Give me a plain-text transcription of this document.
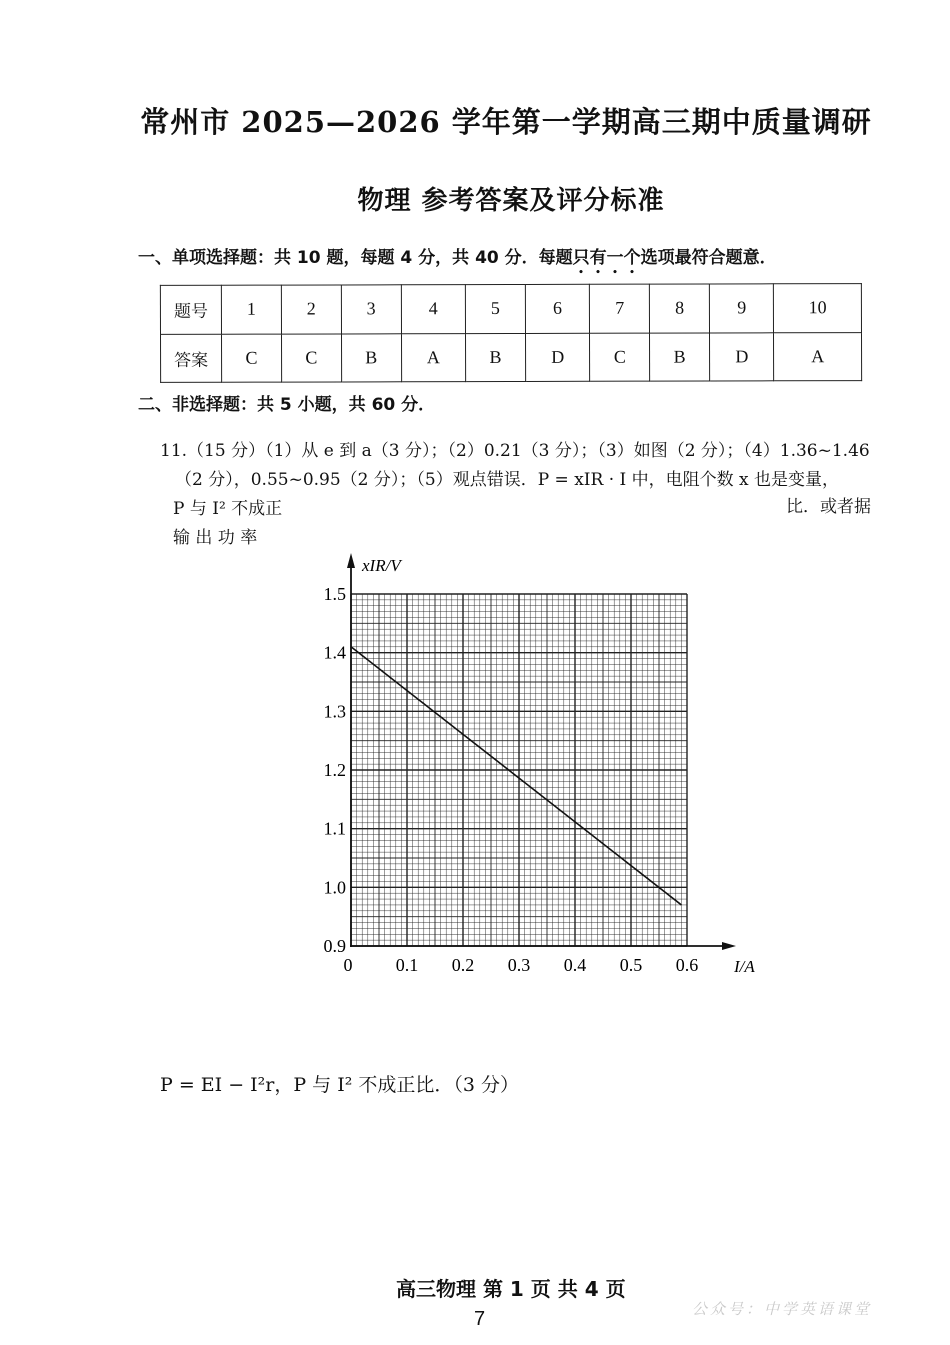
常州市 2025—2026 学年第一学期高三期中质量调研
物理 参考答案及评分标准
一、单项选择题：共 10 题，每题 4 分，共 40 分．每题只有一个选项最符合题意．
题号	1	2	3	4	5	6	7	8	9	10
答案	C	C	B	A	B	D	C	B	D	A
二、非选择题：共 5 小题，共 60 分．
11.（15 分）（1）从 e 到 a（3 分）；（2）0.21（3 分）；（3）如图（2 分）；（4）1.36~1.46
（2 分），0.55~0.95（2 分）；（5）观点错误．P = xIR · I 中，电阻个数 x 也是变量，
P 与 I² 不成正	比．或者据
输 出 功 率
0 0.1 0.2 0.3 0.4 0.5 0.6
0.9
1.0
1.1
1.2
1.3
1.4
1.5
xIR/V
I/A
P = EI − I²r，P 与 I² 不成正比．（3 分）
高三物理 第 1 页 共 4 页
7	公众号：中学英语课堂
